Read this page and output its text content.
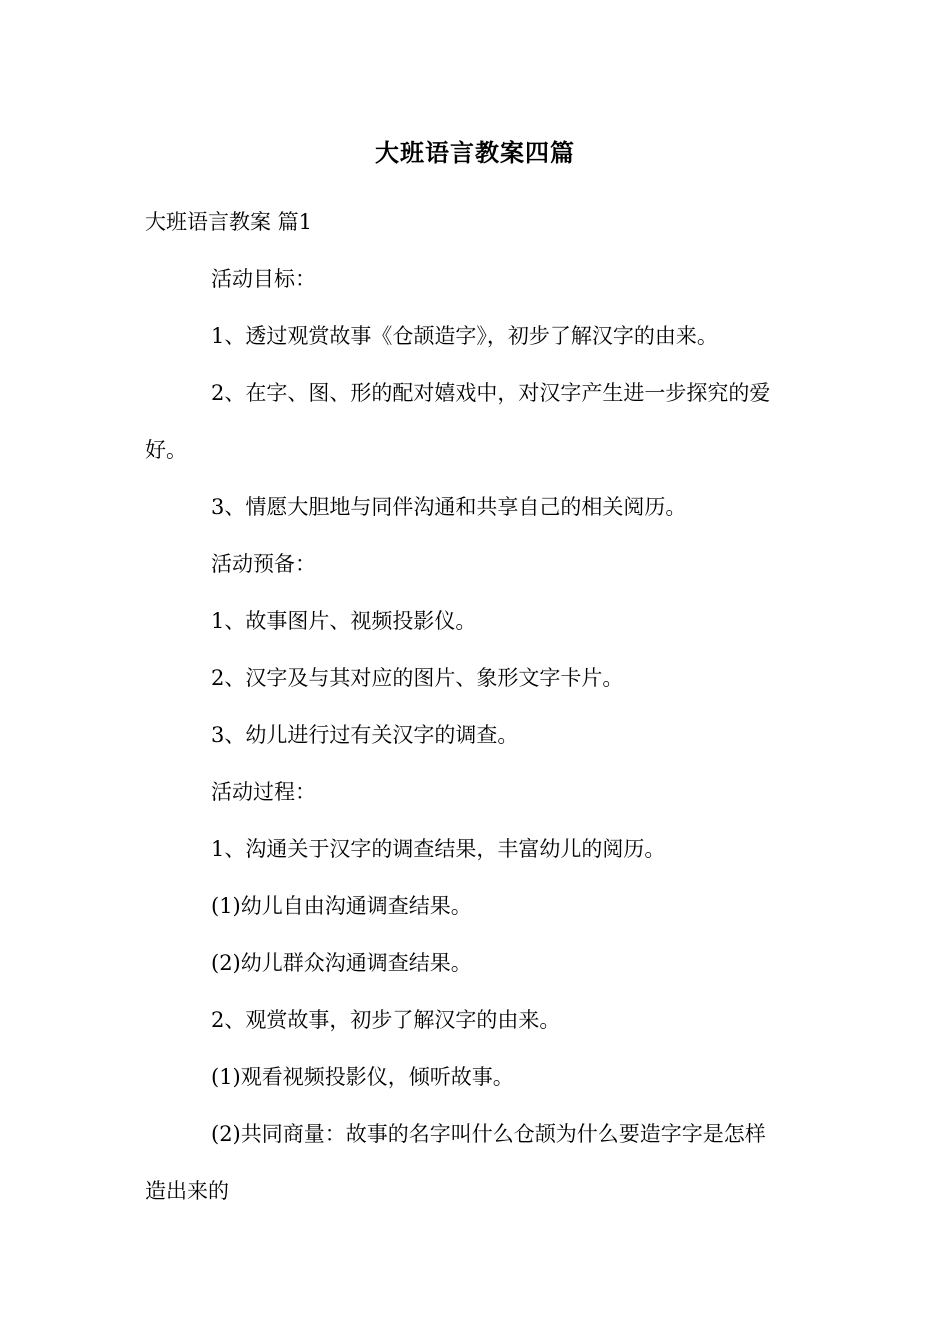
大班语言教案四篇
大班语言教案 篇1
活动目标：
1、透过观赏故事《仓颉造字》，初步了解汉字的由来。
2、在字、图、形的配对嬉戏中，对汉字产生进一步探究的爱
好。
3、情愿大胆地与同伴沟通和共享自己的相关阅历。
活动预备：
1、故事图片、视频投影仪。
2、汉字及与其对应的图片、象形文字卡片。
3、幼儿进行过有关汉字的调查。
活动过程：
1、沟通关于汉字的调查结果，丰富幼儿的阅历。
(1)幼儿自由沟通调查结果。
(2)幼儿群众沟通调查结果。
2、观赏故事，初步了解汉字的由来。
(1)观看视频投影仪，倾听故事。
(2)共同商量：故事的名字叫什么仓颉为什么要造字字是怎样
造出来的
